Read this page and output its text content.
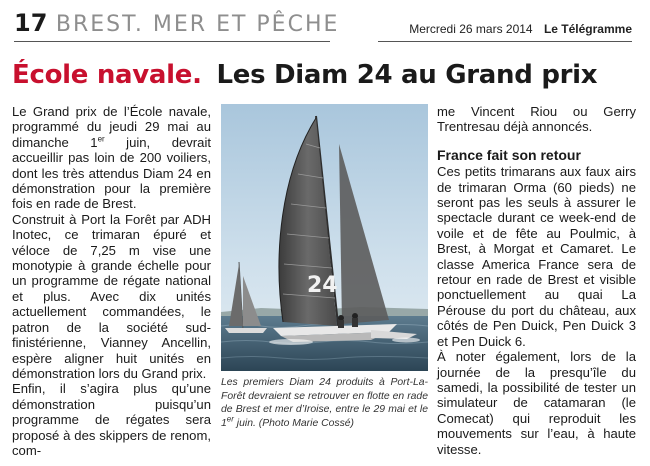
17 BREST. MER ET PÊCHE	Mercredi 26 mars 2014 Le Télégramme
École navale. Les Diam 24 au Grand prix

Le Grand prix de l’École navale, programmé du jeudi 29 mai au dimanche 1er juin, devrait accueillir pas loin de 200 voiliers, dont les très attendus Diam 24 en démonstration pour la première fois en rade de Brest.

Construit à Port la Forêt par ADH Inotec, ce trimaran épuré et véloce de 7,25 m vise une monotypie à grande échelle pour un programme de régate national et plus. Avec dix unités actuellement commandées, le patron de la société sud-finistérienne, Vianney Ancellin, espère aligner huit unités en démonstration lors du Grand prix.

Enfin, il s’agira plus qu’une démonstration puisqu’un programme de régates sera proposé à des skippers de renom, com-

24

Les premiers Diam 24 produits à Port-La-Forêt devraient se retrouver en flotte en rade de Brest et mer d’Iroise, entre le 29 mai et le 1er juin. (Photo Marie Cossé)

me Vincent Riou ou Gerry Trentresau déjà annoncés.

France fait son retour

Ces petits trimarans aux faux airs de trimaran Orma (60 pieds) ne seront pas les seuls à assurer le spectacle durant ce week-end de voile et de fête au Poulmic, à Brest, à Morgat et Camaret. Le classe America France sera de retour en rade de Brest et visible ponctuellement au quai La Pérouse du port du château, aux côtés de Pen Duick, Pen Duick 3 et Pen Duick 6.

À noter également, lors de la journée de la presqu’île du samedi, la possibilité de tester un simulateur de catamaran (le Comecat) qui reproduit les mouvements sur l’eau, à haute vitesse.
